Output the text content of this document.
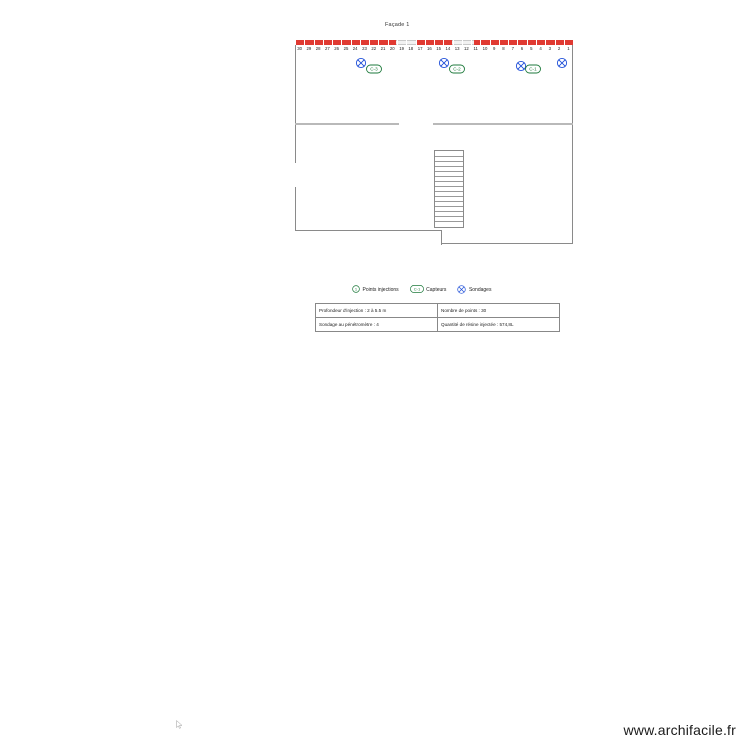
Façade 1
30 29 28 27 26 25 24 23 22 21 20 19 18 17 16 15 14 13 12 11 10 9 8 7 6 5 4 3 2 1
C-3	C-2	C-1
1 Points injections	C-1 Capteurs	Sondages
Profondeur d'injection : 2 à 5.5 m	Nombre de points : 30
Sondage au pénétromètre : 4	Quantité de résine injectée : 574,8L
www.archifacile.fr
